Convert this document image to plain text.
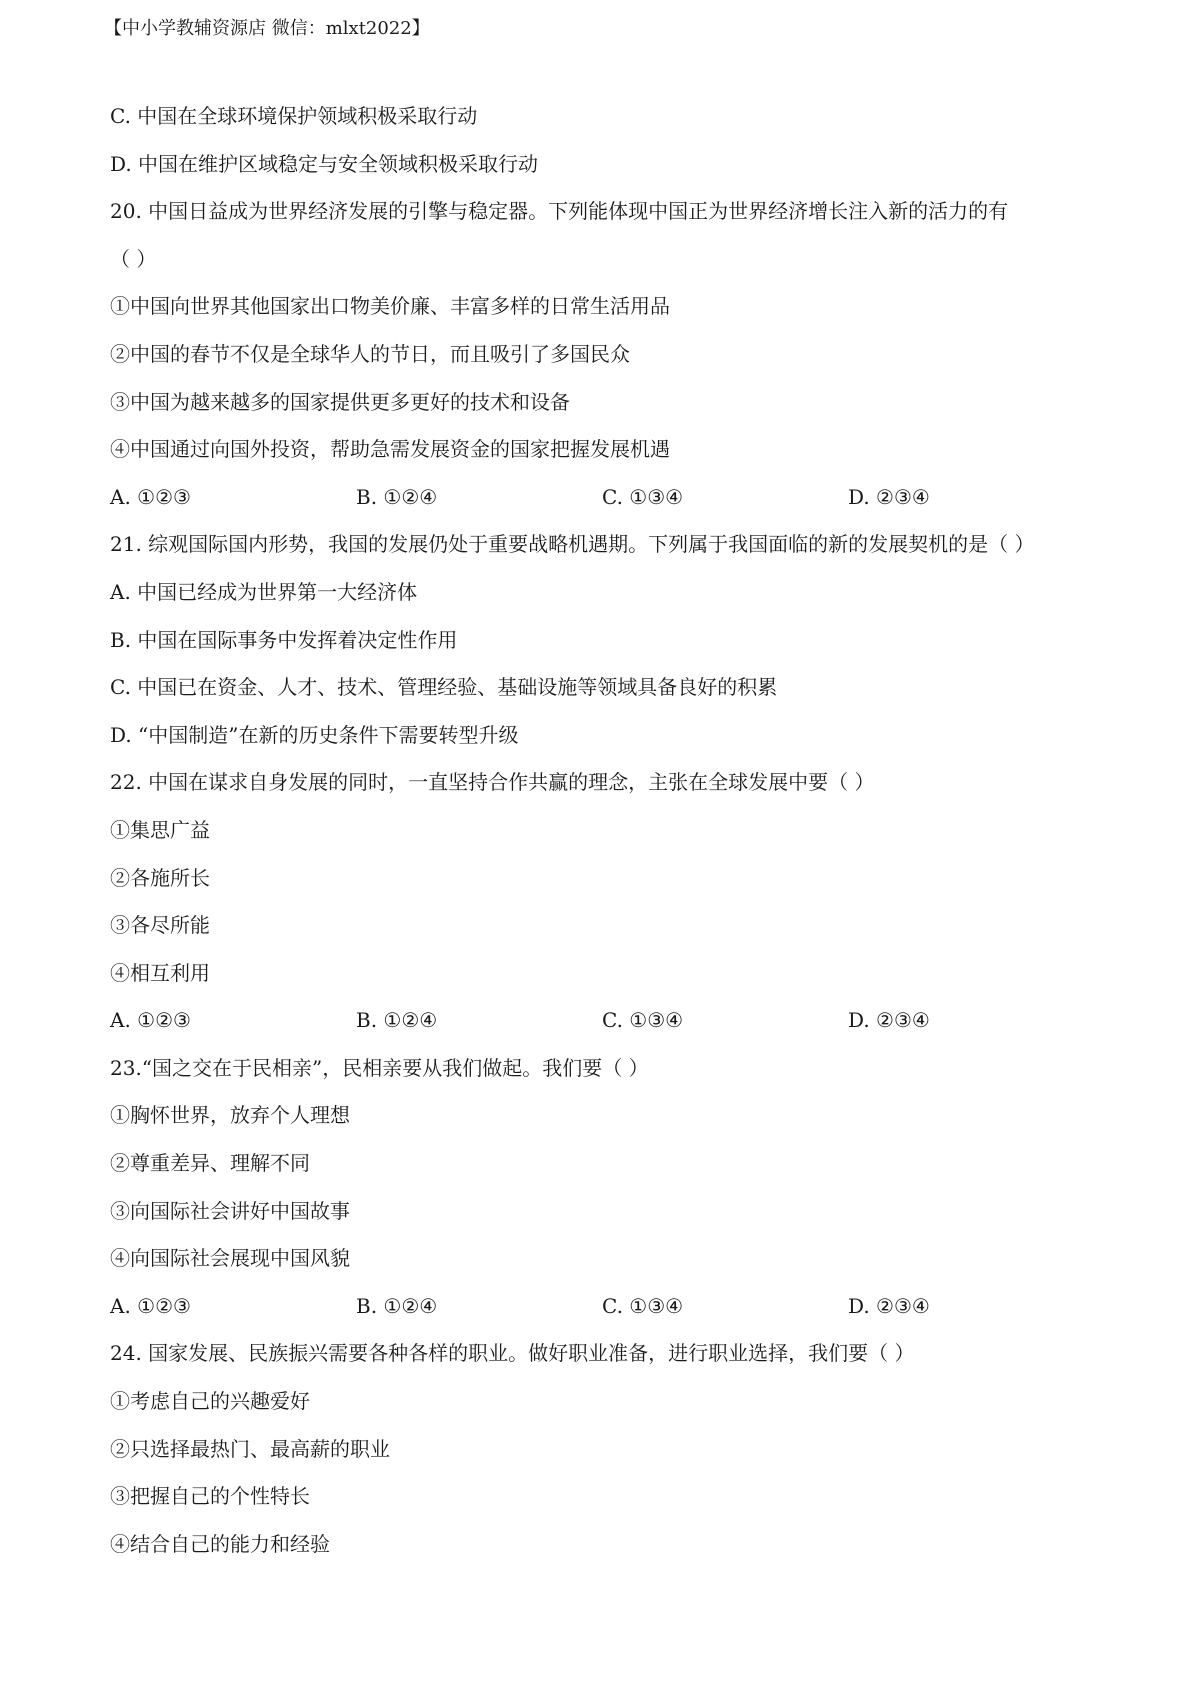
【中小学教辅资源店 微信：mlxt2022】
C. 中国在全球环境保护领域积极采取行动
D. 中国在维护区域稳定与安全领域积极采取行动
20. 中国日益成为世界经济发展的引擎与稳定器。下列能体现中国正为世界经济增长注入新的活力的有
（ ）
①中国向世界其他国家出口物美价廉、丰富多样的日常生活用品
②中国的春节不仅是全球华人的节日，而且吸引了多国民众
③中国为越来越多的国家提供更多更好的技术和设备
④中国通过向国外投资，帮助急需发展资金的国家把握发展机遇
A. ①②③	B. ①②④	C. ①③④	D. ②③④
21. 综观国际国内形势，我国的发展仍处于重要战略机遇期。下列属于我国面临的新的发展契机的是（ ）
A. 中国已经成为世界第一大经济体
B. 中国在国际事务中发挥着决定性作用
C. 中国已在资金、人才、技术、管理经验、基础设施等领域具备良好的积累
D. “中国制造”在新的历史条件下需要转型升级
22. 中国在谋求自身发展的同时，一直坚持合作共赢的理念，主张在全球发展中要（ ）
①集思广益
②各施所长
③各尽所能
④相互利用
A. ①②③	B. ①②④	C. ①③④	D. ②③④
23.“国之交在于民相亲”，民相亲要从我们做起。我们要（ ）
①胸怀世界，放弃个人理想
②尊重差异、理解不同
③向国际社会讲好中国故事
④向国际社会展现中国风貌
A. ①②③	B. ①②④	C. ①③④	D. ②③④
24. 国家发展、民族振兴需要各种各样的职业。做好职业准备，进行职业选择，我们要（ ）
①考虑自己的兴趣爱好
②只选择最热门、最高薪的职业
③把握自己的个性特长
④结合自己的能力和经验
